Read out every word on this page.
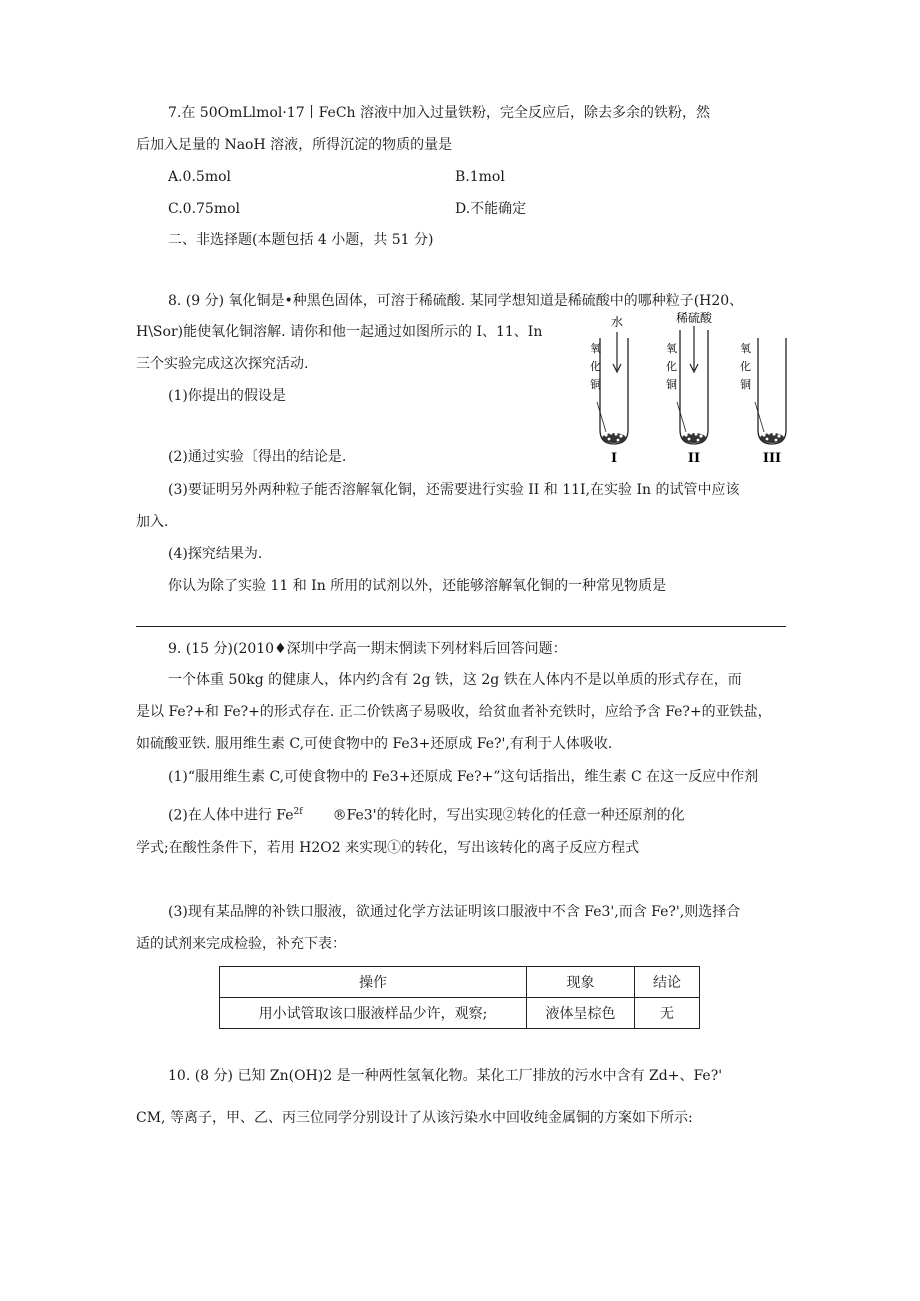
7.在 50OmLlmol·17丨FeCh 溶液中加入过量铁粉，完全反应后，除去多余的铁粉，然
后加入足量的 NaoH 溶液，所得沉淀的物质的量是
A.0.5mol	B.1mol
C.0.75mol	D.不能确定
二、非选择题(本题包括 4 小题，共 51 分)
8. (9 分) 氧化铜是•种黑色固体，可溶于稀硫酸. 某同学想知道是稀硫酸中的哪种粒子(H20、
H\Sor)能使氧化铜溶解. 请你和他一起通过如图所示的 I、11、In
三个实验完成这次探究活动.
(1)你提出的假设是
(2)通过实验〔得出的结论是.
(3)要证明另外两种粒子能否溶解氧化铜，还需要进行实验 II 和 11I,在实验 In 的试管中应该
加入.
(4)探究结果为.
你认为除了实验 11 和 In 所用的试剂以外，还能够溶解氧化铜的一种常见物质是
水
氧
化
铜
I
稀硫酸
氧
化
铜
II
氧
化
铜
III
9. (15 分)(2010♦深圳中学高一期末惘读下列材料后回答问题：
一个体重 50kg 的健康人，体内约含有 2g 铁，这 2g 铁在人体内不是以单质的形式存在，而
是以 Fe?+和 Fe?+的形式存在. 正二价铁离子易吸收，给贫血者补充铁时，应给予含 Fe?+的亚铁盐，
如硫酸亚铁. 服用维生素 C,可使食物中的 Fe3+还原成 Fe?',有利于人体吸收.
(1)“服用维生素 C,可使食物中的 Fe3+还原成 Fe?+”这句话指出，维生素 C 在这一反应中作剂
(2)在人体中进行 $Fe^{2f}$ ®Fe3'的转化时，写出实现②转化的任意一种还原剂的化
学式;在酸性条件下，若用 H2O2 来实现①的转化，写出该转化的离子反应方程式
(3)现有某品牌的补铁口服液，欲通过化学方法证明该口服液中不含 Fe3',而含 Fe?',则选择合
适的试剂来完成检验，补充下表：
操作	现象	结论
用小试管取该口服液样品少许，观察;	液体呈棕色	无
10. (8 分) 已知 Zn(OH)2 是一种两性氢氧化物。某化工厂排放的污水中含有 Zd+、Fe?'
CM, 等离子，甲、乙、丙三位同学分别设计了从该污染水中回收纯金属铜的方案如下所示:
